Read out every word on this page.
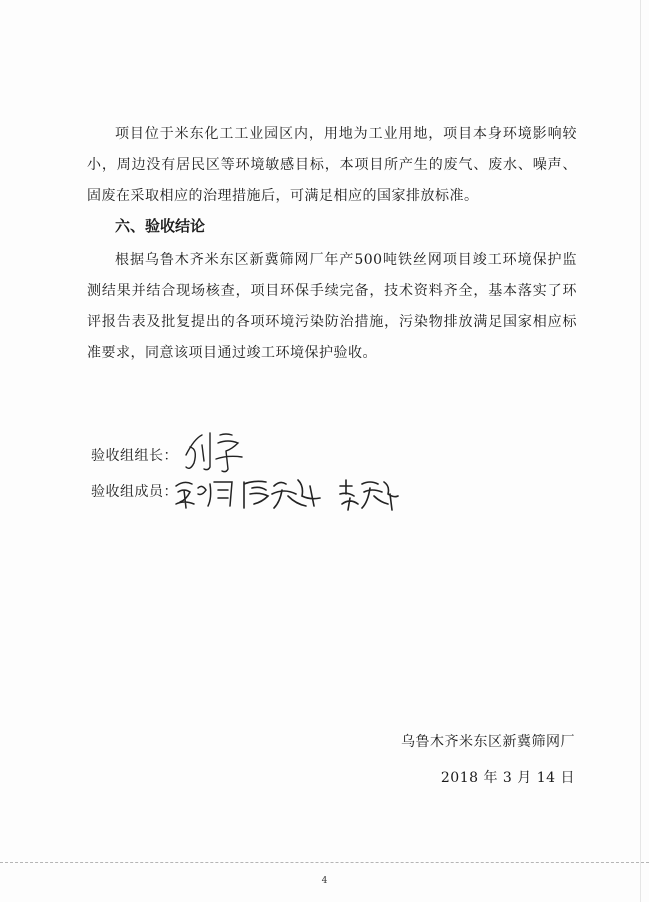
项目位于米东化工工业园区内，用地为工业用地，项目本身环境影响较小，周边没有居民区等环境敏感目标，本项目所产生的废气、废水、噪声、固废在采取相应的治理措施后，可满足相应的国家排放标准。

六、验收结论

根据乌鲁木齐米东区新冀筛网厂年产500吨铁丝网项目竣工环境保护监测结果并结合现场核查，项目环保手续完备，技术资料齐全，基本落实了环评报告表及批复提出的各项环境污染防治措施，污染物排放满足国家相应标准要求，同意该项目通过竣工环境保护验收。

验收组组长：
验收组成员：
乌鲁木齐米东区新冀筛网厂
2018 年 3 月 14 日
4
